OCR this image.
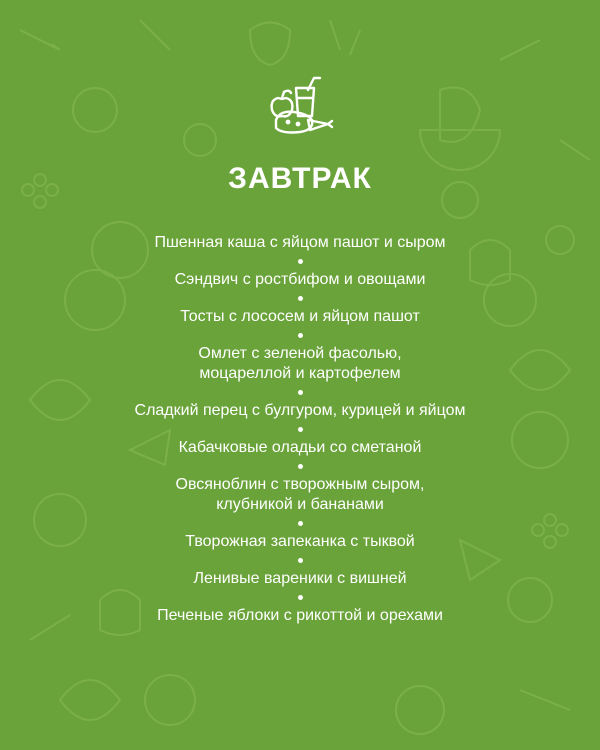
ЗАВТРАК
Пшенная каша с яйцом пашот и сыром
Сэндвич с ростбифом и овощами
Тосты с лососем и яйцом пашот
Омлет с зеленой фасолью,
моцареллой и картофелем
Сладкий перец с булгуром, курицей и яйцом
Кабачковые оладьи со сметаной
Овсяноблин с творожным сыром,
клубникой и бананами
Творожная запеканка с тыквой
Ленивые вареники с вишней
Печеные яблоки с рикоттой и орехами
